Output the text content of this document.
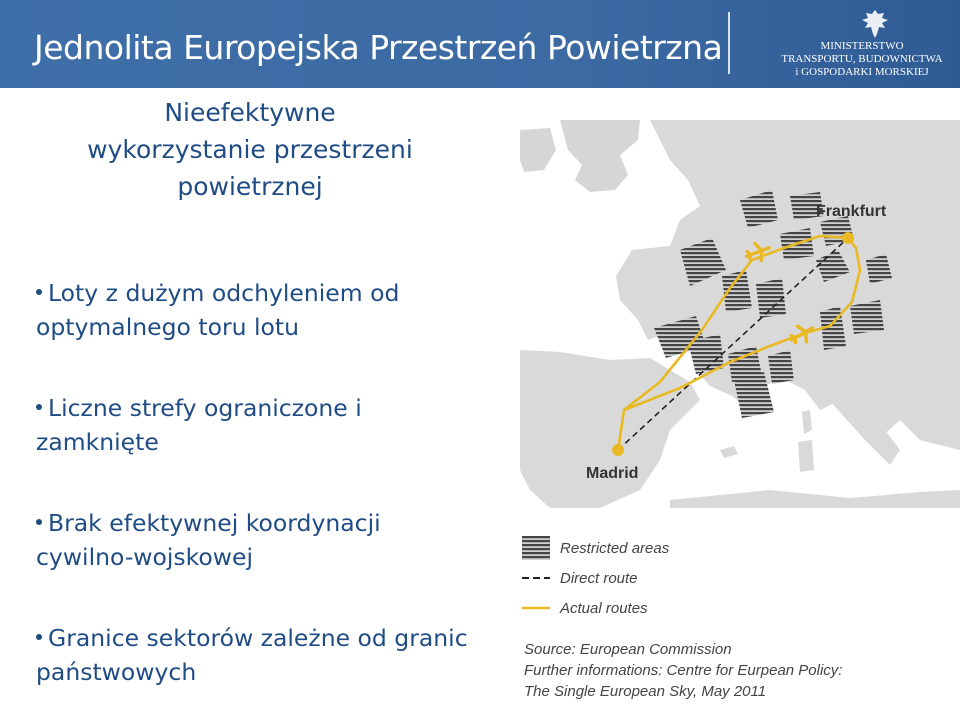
Jednolita Europejska Przestrzeń Powietrzna	MINISTERSTWO
TRANSPORTU, BUDOWNICTWA
i GOSPODARKI MORSKIEJ
Nieefektywne
wykorzystanie przestrzeni
powietrznej
Loty z dużym odchyleniem od
optymalnego toru lotu
Liczne strefy ograniczone i
zamknięte
Brak efektywnej koordynacji
cywilno-wojskowej
Granice sektorów zależne od granic
państwowych
Frankfurt
Madrid
Restricted areas
Direct route
Actual routes
Source: European Commission
Further informations: Centre for Eurpean Policy:
The Single European Sky, May 2011
